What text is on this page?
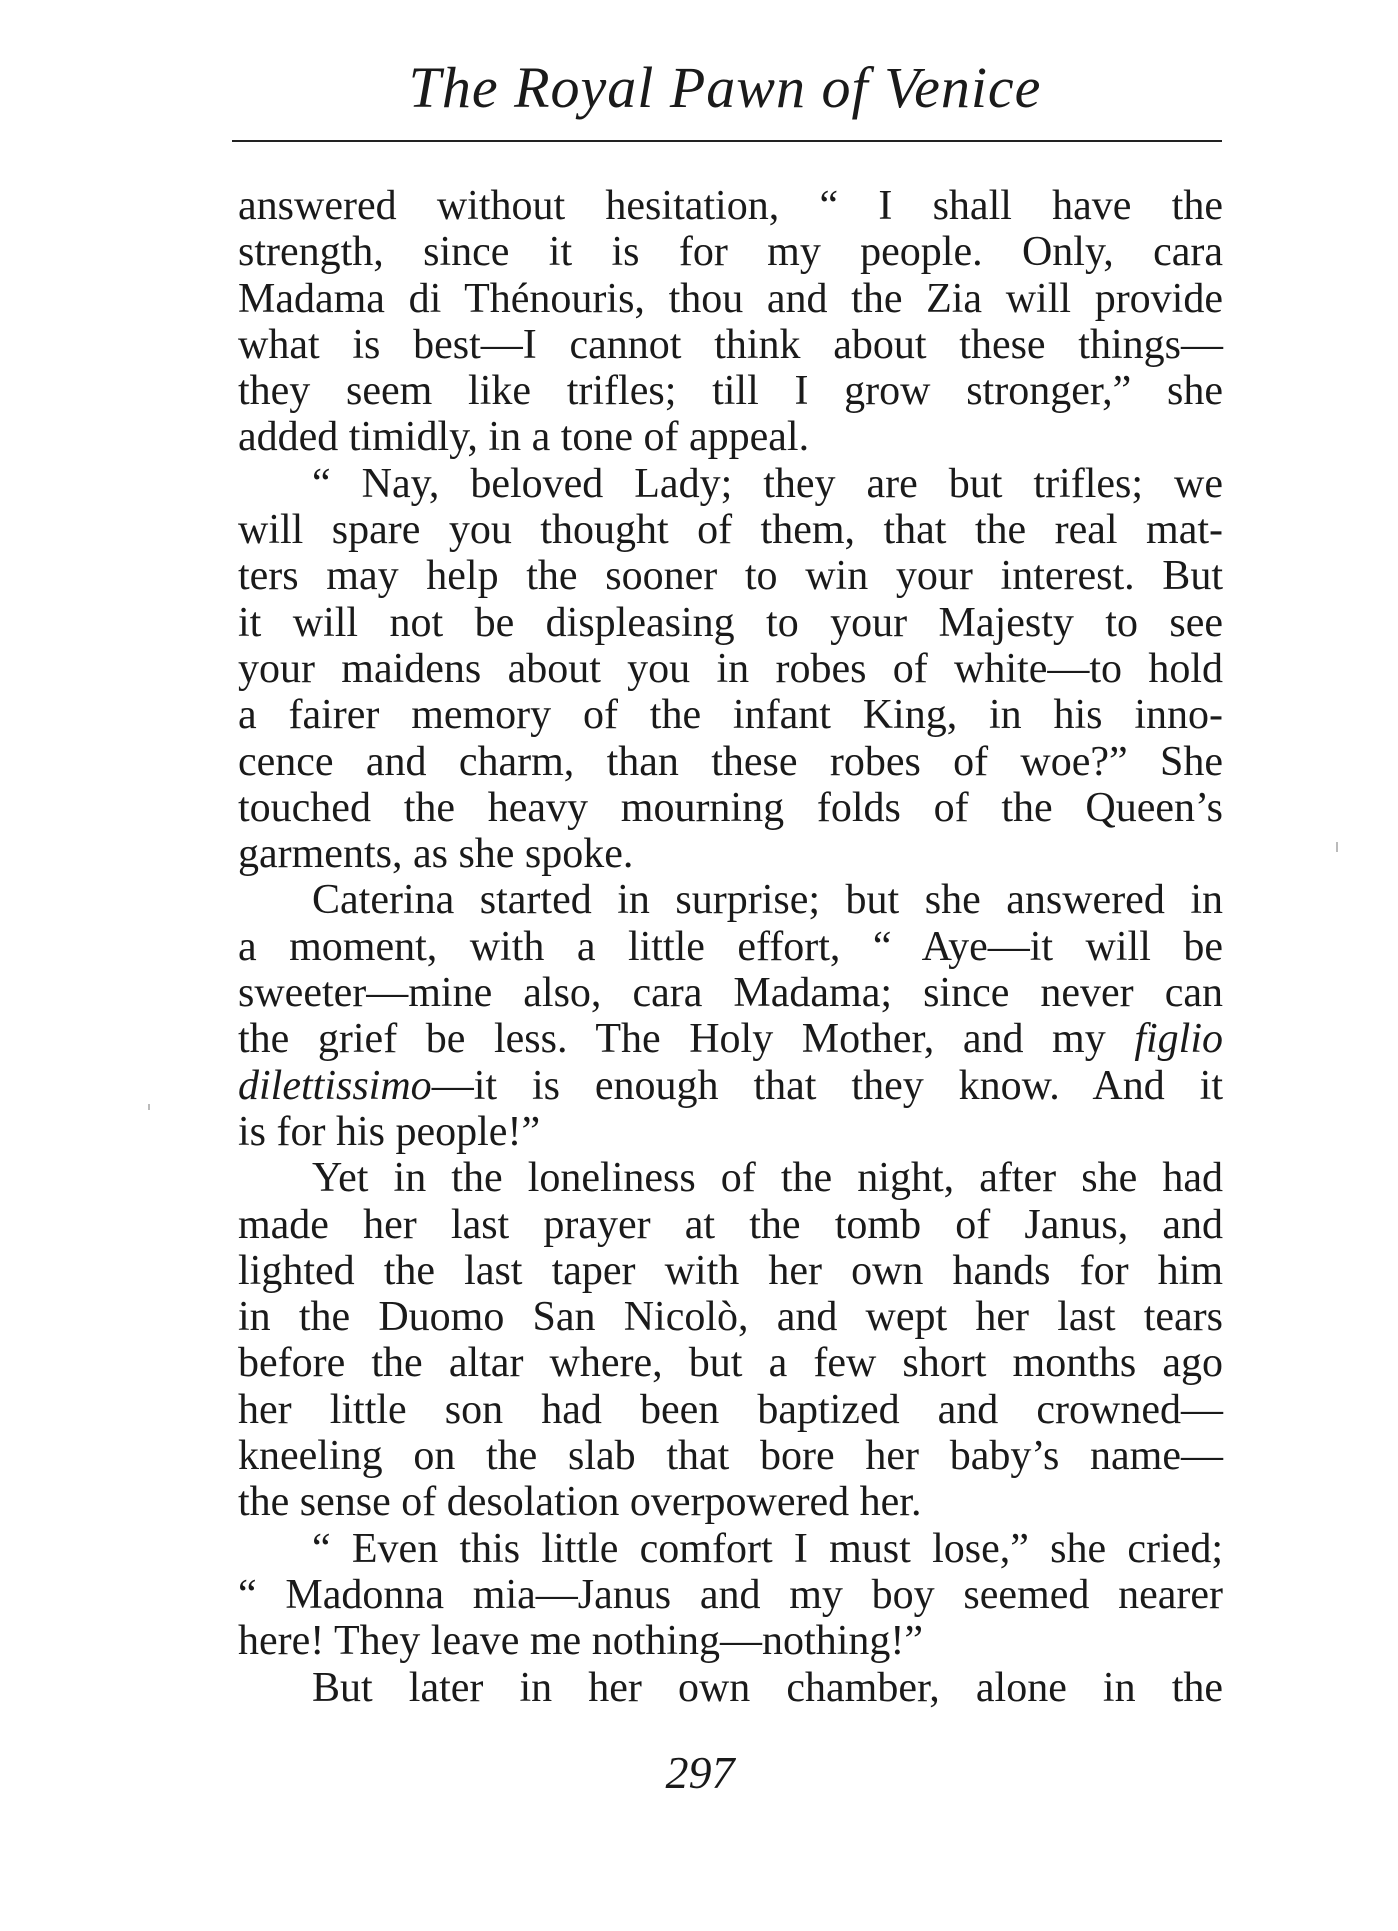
The Royal Pawn of Venice
answered without hesitation, “ I shall have the
strength, since it is for my people. Only, cara
Madama di Thénouris, thou and the Zia will provide
what is best—I cannot think about these things—
they seem like trifles; till I grow stronger,” she
added timidly, in a tone of appeal.
“ Nay, beloved Lady; they are but trifles; we
will spare you thought of them, that the real mat-
ters may help the sooner to win your interest. But
it will not be displeasing to your Majesty to see
your maidens about you in robes of white—to hold
a fairer memory of the infant King, in his inno-
cence and charm, than these robes of woe?” She
touched the heavy mourning folds of the Queen’s
garments, as she spoke.
Caterina started in surprise; but she answered in
a moment, with a little effort, “ Aye—it will be
sweeter—mine also, cara Madama; since never can
the grief be less. The Holy Mother, and my figlio
dilettissimo—it is enough that they know. And it
is for his people!”
Yet in the loneliness of the night, after she had
made her last prayer at the tomb of Janus, and
lighted the last taper with her own hands for him
in the Duomo San Nicolò, and wept her last tears
before the altar where, but a few short months ago
her little son had been baptized and crowned—
kneeling on the slab that bore her baby’s name—
the sense of desolation overpowered her.
“ Even this little comfort I must lose,” she cried;
“ Madonna mia—Janus and my boy seemed nearer
here! They leave me nothing—nothing!”
But later in her own chamber, alone in the
297
